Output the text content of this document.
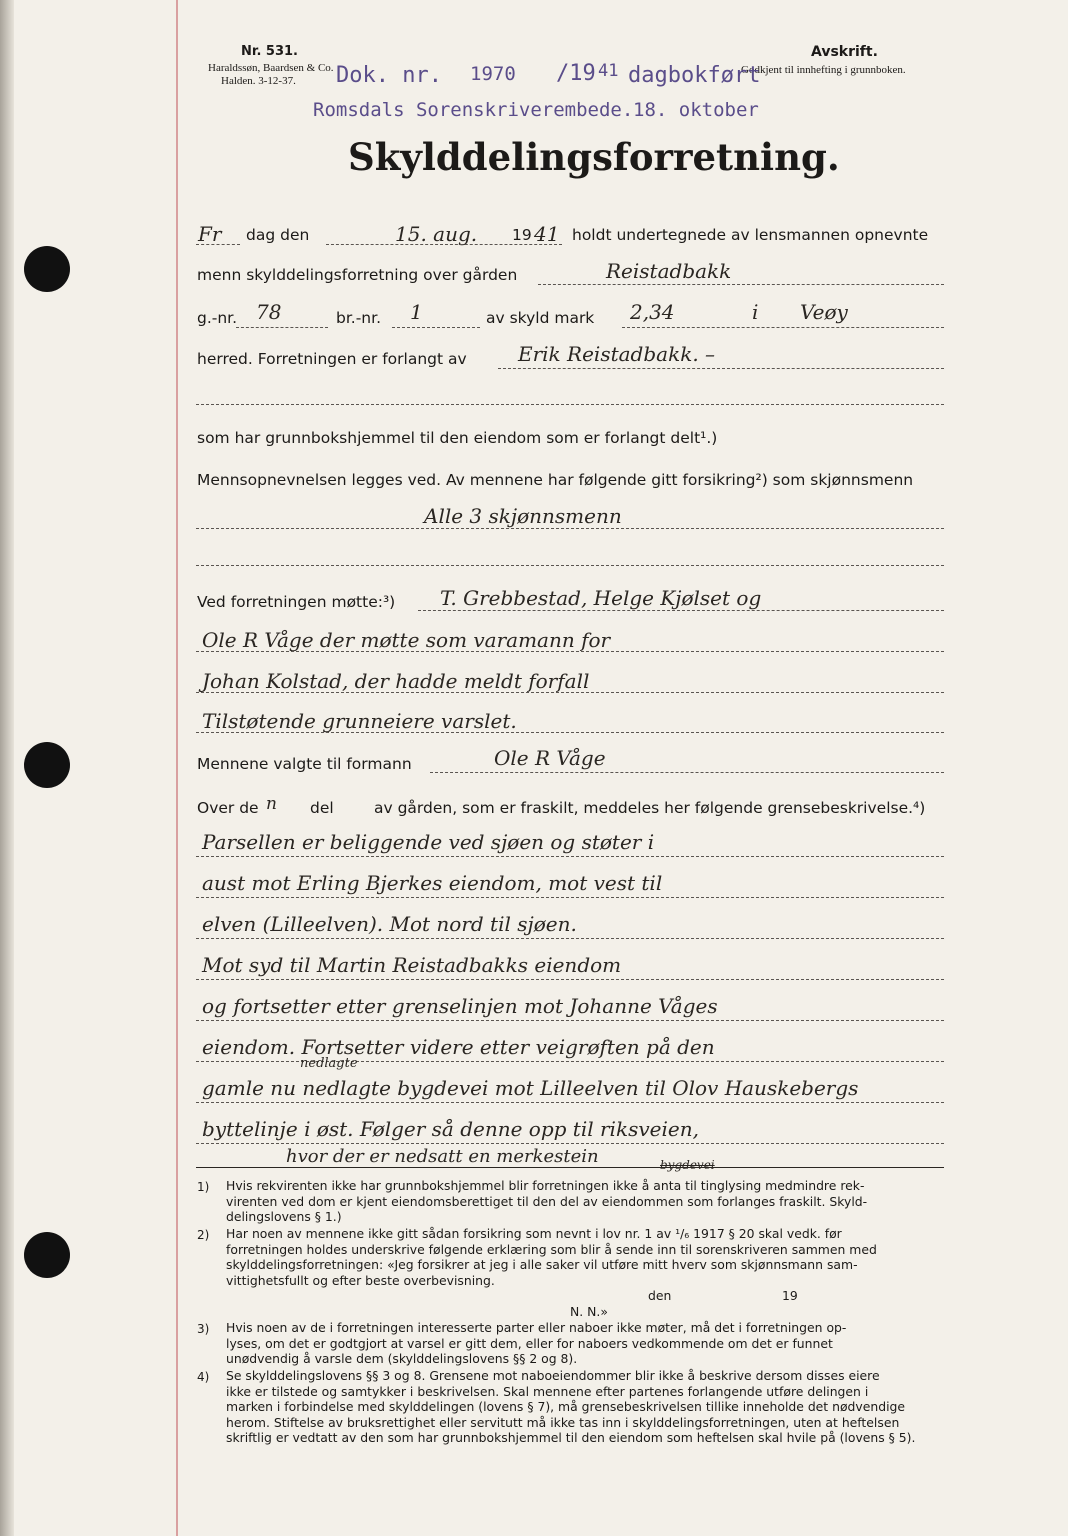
Nr. 531.
Haraldssøn, Baardsen & Co.
Halden. 3-12-37.
Avskrift.
Godkjent til innhefting i grunnboken.
Dok. nr. 1970 /19 41 dagbokført
Romsdals Sorenskriverembede. 18. oktober
Skylddelingsforretning.
Fr dag den	15. aug. 19 41 holdt undertegnede av lensmannen opnevnte
menn skylddelingsforretning over gården	Reistadbakk
g.-nr. 78	br.-nr. 1	av skyld mark 2,34	i Veøy
herred. Forretningen er forlangt av	Erik Reistadbakk. –
som har grunnbokshjemmel til den eiendom som er forlangt delt¹.)
Mennsopnevnelsen legges ved. Av mennene har følgende gitt forsikring²) som skjønnsmenn
Alle 3 skjønnsmenn
Ved forretningen møtte:³) T. Grebbestad, Helge Kjølset og
Ole R Våge der møtte som varamann for
Johan Kolstad, der hadde meldt forfall
Tilstøtende grunneiere varslet.
Mennene valgte til formann	Ole R Våge
Over de n del	av gården, som er fraskilt, meddeles her følgende grensebeskrivelse.⁴)
Parsellen er beliggende ved sjøen og støter i
aust mot Erling Bjerkes eiendom, mot vest til
elven (Lilleelven). Mot nord til sjøen.
Mot syd til Martin Reistadbakks eiendom
og fortsetter etter grenselinjen mot Johanne Våges
eiendom. Fortsetter videre etter veigrøften på den
nedlagte
gamle nu nedlagte bygdevei mot Lilleelven til Olov Hauskebergs
byttelinje i øst. Følger så denne opp til riksveien,
hvor der er nedsatt en merkestein	bygdevei
1) Hvis rekvirenten ikke har grunnbokshjemmel blir forretningen ikke å anta til tinglysing medmindre rek-
virenten ved dom er kjent eiendomsberettiget til den del av eiendommen som forlanges fraskilt. Skyld-
delingslovens § 1.)
2) Har noen av mennene ikke gitt sådan forsikring som nevnt i lov nr. 1 av ¹/₆ 1917 § 20 skal vedk. før
forretningen holdes underskrive følgende erklæring som blir å sende inn til sorenskriveren sammen med
skylddelingsforretningen: «Jeg forsikrer at jeg i alle saker vil utføre mitt hverv som skjønnsmann sam-
vittighetsfullt og efter beste overbevisning.
den	19
N. N.»
3) Hvis noen av de i forretningen interesserte parter eller naboer ikke møter, må det i forretningen op-
lyses, om det er godtgjort at varsel er gitt dem, eller for naboers vedkommende om det er funnet
unødvendig å varsle dem (skylddelingslovens §§ 2 og 8).
4) Se skylddelingslovens §§ 3 og 8. Grensene mot naboeiendommer blir ikke å beskrive dersom disses eiere
ikke er tilstede og samtykker i beskrivelsen. Skal mennene efter partenes forlangende utføre delingen i
marken i forbindelse med skylddelingen (lovens § 7), må grensebeskrivelsen tillike inneholde det nødvendige
herom. Stiftelse av bruksrettighet eller servitutt må ikke tas inn i skylddelingsforretningen, uten at heftelsen
skriftlig er vedtatt av den som har grunnbokshjemmel til den eiendom som heftelsen skal hvile på (lovens § 5).
